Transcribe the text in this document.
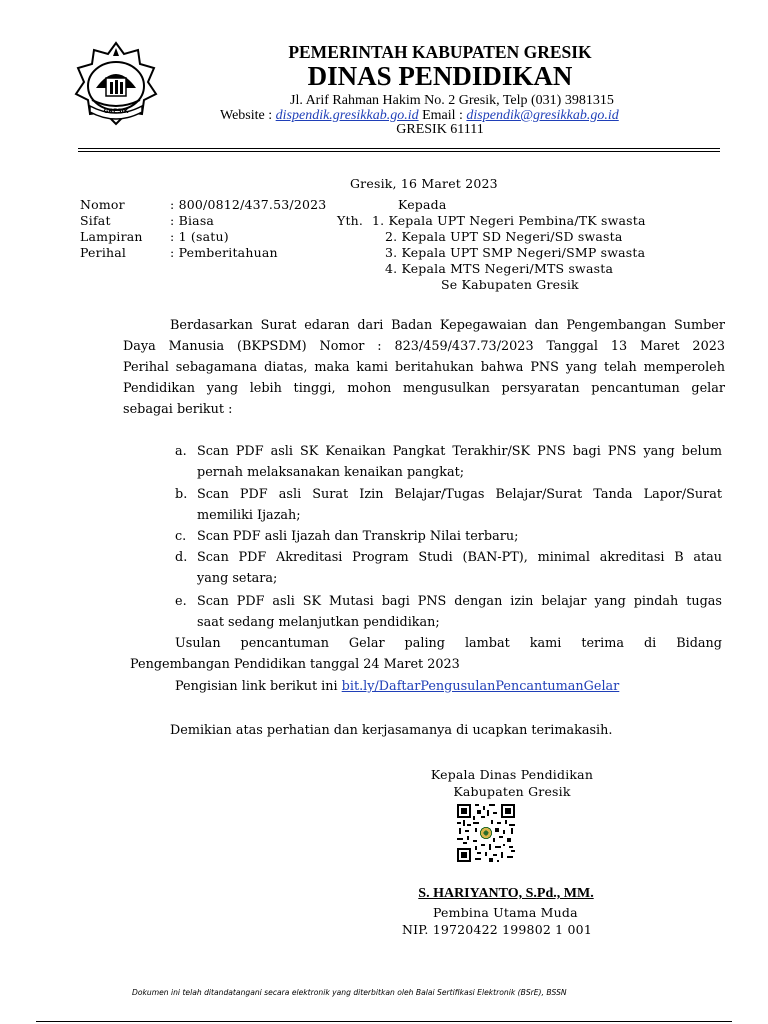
GRESIK
PEMERINTAH KABUPATEN GRESIK
DINAS PENDIDIKAN
Jl. Arif Rahman Hakim No. 2 Gresik, Telp (031) 3981315
Website : dispendik.gresikkab.go.id Email : dispendik@gresikkab.go.id
GRESIK 61111
Gresik, 16 Maret 2023
Nomor	: 800/0812/437.53/2023
Sifat	: Biasa
Lampiran : 1 (satu)
Perihal	: Pemberitahuan
Kepada
Yth. 1. Kepala UPT Negeri Pembina/TK swasta
2. Kepala UPT SD Negeri/SD swasta
3. Kepala UPT SMP Negeri/SMP swasta
4. Kepala MTS Negeri/MTS swasta
Se Kabupaten Gresik
Berdasarkan Surat edaran dari Badan Kepegawaian dan Pengembangan Sumber
Daya Manusia (BKPSDM) Nomor : 823/459/437.73/2023 Tanggal 13 Maret 2023
Perihal sebagamana diatas, maka kami beritahukan bahwa PNS yang telah memperoleh
Pendidikan yang lebih tinggi, mohon mengusulkan persyaratan pencantuman gelar
sebagai berikut :
a. Scan PDF asli SK Kenaikan Pangkat Terakhir/SK PNS bagi PNS yang belum
pernah melaksanakan kenaikan pangkat;
b. Scan PDF asli Surat Izin Belajar/Tugas Belajar/Surat Tanda Lapor/Surat
memiliki Ijazah;
c. Scan PDF asli Ijazah dan Transkrip Nilai terbaru;
d. Scan PDF Akreditasi Program Studi (BAN-PT), minimal akreditasi B atau
yang setara;
e. Scan PDF asli SK Mutasi bagi PNS dengan izin belajar yang pindah tugas
saat sedang melanjutkan pendidikan;
Usulan pencantuman Gelar paling lambat kami terima di Bidang
Pengembangan Pendidikan tanggal 24 Maret 2023
Pengisian link berikut ini bit.ly/DaftarPengusulanPencantumanGelar
Demikian atas perhatian dan kerjasamanya di ucapkan terimakasih.
Kepala Dinas Pendidikan
Kabupaten Gresik
S. HARIYANTO, S.Pd., MM.
Pembina Utama Muda
NIP. 19720422 199802 1 001
Dokumen ini telah ditandatangani secara elektronik yang diterbitkan oleh Balai Sertifikasi Elektronik (BSrE), BSSN
